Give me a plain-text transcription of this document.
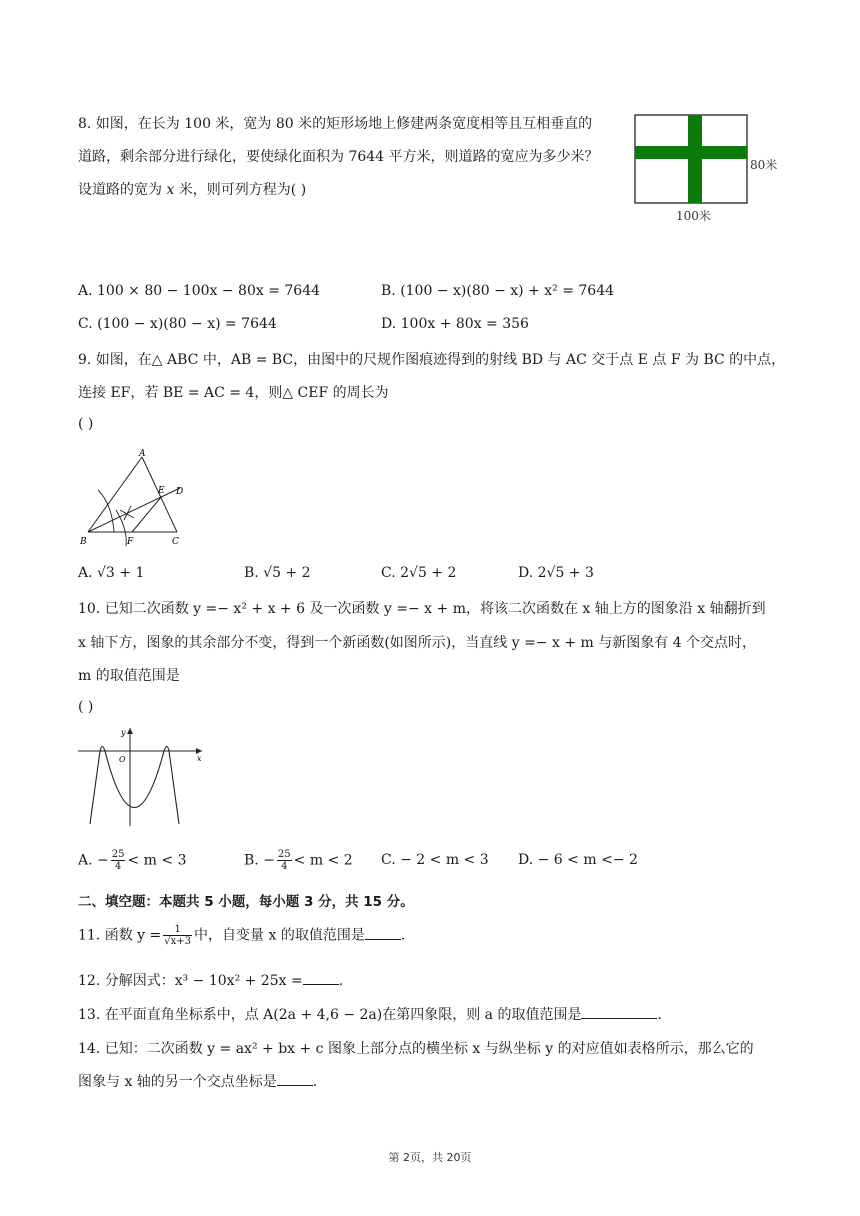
8. 如图，在长为 100 米，宽为 80 米的矩形场地上修建两条宽度相等且互相垂直的
道路，剩余部分进行绿化，要使绿化面积为 7644 平方米，则道路的宽应为多少米？
设道路的宽为 x 米，则可列方程为( )
80米
100米
A. 100 × 80 − 100x − 80x = 7644	B. (100 − x)(80 − x) + x² = 7644
C. (100 − x)(80 − x) = 7644	D. 100x + 80x = 356
9. 如图，在△ ABC 中，AB = BC，由图中的尺规作图痕迹得到的射线 BD 与 AC 交于点 E 点 F 为 BC 的中点，
连接 EF，若 BE = AC = 4，则△ CEF 的周长为
( )
A
B	C
D
E
F
A. √3 + 1	B. √5 + 2	C. 2√5 + 2	D. 2√5 + 3
10. 已知二次函数 y =− x² + x + 6 及一次函数 y =− x + m，将该二次函数在 x 轴上方的图象沿 x 轴翻折到
x 轴下方，图象的其余部分不变，得到一个新函数(如图所示)，当直线 y =− x + m 与新图象有 4 个交点时，
m 的取值范围是
( )
y
O	x
A. − $\frac{25}{4} < m < 3$	B. − $\frac{25}{4} < m < 2$ C. − 2 < m < 3 D. − 6 < m <− 2
二、填空题：本题共 5 小题，每小题 3 分，共 15 分。
11. 函数 $y = \frac{1}{√x+3}$ 中，自变量 x 的取值范围是	.
12. 分解因式：x³ − 10x² + 25x =	.
13. 在平面直角坐标系中，点 A(2a + 4,6 − 2a)在第四象限，则 a 的取值范围是	.
14. 已知：二次函数 y = ax² + bx + c 图象上部分点的横坐标 x 与纵坐标 y 的对应值如表格所示，那么它的
图象与 x 轴的另一个交点坐标是	.
第 2页，共 20页
